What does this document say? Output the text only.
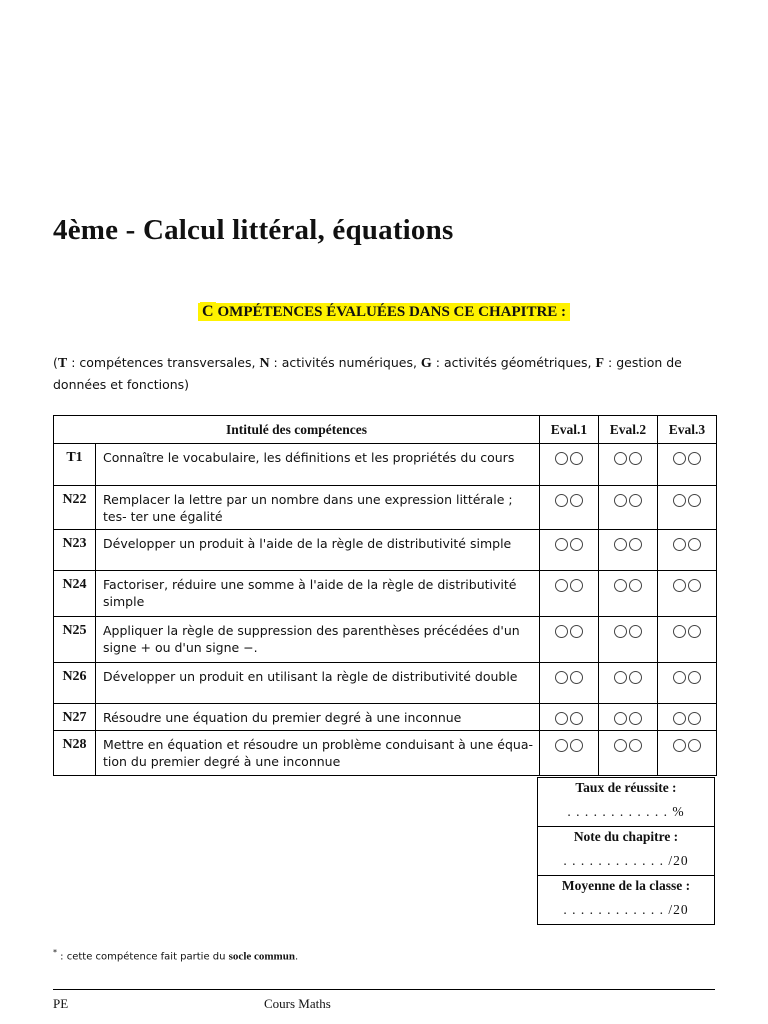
4ème - Calcul littéral, équations
C OMPÉTENCES ÉVALUÉES DANS CE CHAPITRE :
(T : compétences transversales, N : activités numériques, G : activités géométriques, F : gestion de données et fonctions)
Intitulé des compétences		Eval.1	Eval.2	Eval.3
T1	Connaître le vocabulaire, les définitions et les propriétés du cours			
N22	Remplacer la lettre par un nombre dans une expression littérale ; tes- ter une égalité			
N23	Développer un produit à l'aide de la règle de distributivité simple			
N24	Factoriser, réduire une somme à l'aide de la règle de distributivité simple			
N25	Appliquer la règle de suppression des parenthèses précédées d'un signe + ou d'un signe −.			
N26	Développer un produit en utilisant la règle de distributivité double			
N27	Résoudre une équation du premier degré à une inconnue			
N28	Mettre en équation et résoudre un problème conduisant à une équa- tion du premier degré à une inconnue			
Taux de réussite :
. . . . . . . . . . . . %
Note du chapitre :
. . . . . . . . . . . . /20
Moyenne de la classe :
. . . . . . . . . . . . /20
* : cette compétence fait partie du socle commun.
PE	Cours Maths
